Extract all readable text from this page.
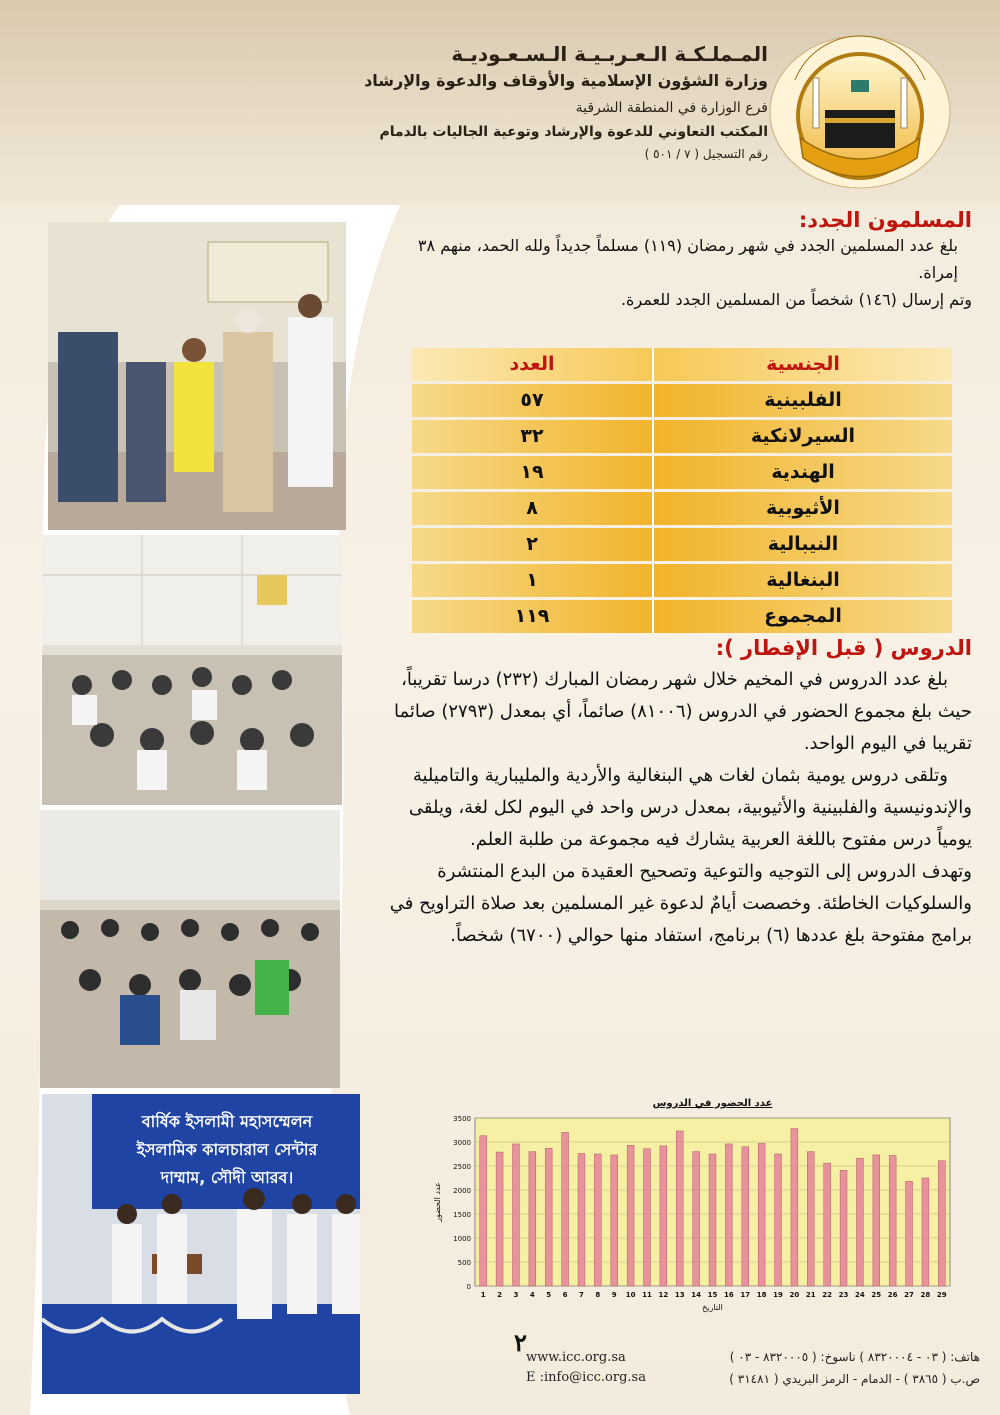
المـملـكـة الـعـربـيـة الـسـعـوديـة
وزارة الشؤون الإسلامية والأوقاف والدعوة والإرشاد
فرع الوزارة في المنطقة الشرقية
المكتب التعاوني للدعوة والإرشاد وتوعية الجاليات بالدمام
رقم التسجيل ( ٧ / ٥٠١ )
বার্ষিক ইসলামী মহাসম্মেলন
ইসলামিক কালচারাল সেন্টার
দাম্মাম, সৌদী আরব।
المسلمون الجدد:
بلغ عدد المسلمين الجدد في شهر رمضان (١١٩) مسلماً جديداً ولله الحمد، منهم ٣٨ إمراة.
وتم إرسال (١٤٦) شخصاً من المسلمين الجدد للعمرة.
الجنسية
العدد
الفلبينية
٥٧
السيرلانكية
٣٢
الهندية
١٩
الأثيوبية
٨
النيبالية
٢
البنغالية
١
المجموع
١١٩
الدروس ( قبل الإفطار ):
بلغ عدد الدروس في المخيم خلال شهر رمضان المبارك (٢٣٢) درسا تقريباً، حيث بلغ مجموع الحضور في الدروس (٨١٠٠٦) صائماً، أي بمعدل (٢٧٩٣) صائما تقريبا في اليوم الواحد.
وتلقى دروس يومية بثمان لغات هي البنغالية والأردية والمليبارية والتاميلية والإندونيسية والفلبينية والأثيوبية، بمعدل درس واحد في اليوم لكل لغة، ويلقى يومياً درس مفتوح باللغة العربية يشارك فيه مجموعة من طلبة العلم.
وتهدف الدروس إلى التوجيه والتوعية وتصحيح العقيدة من البدع المنتشرة والسلوكيات الخاطئة. وخصصت أيامٌ لدعوة غير المسلمين بعد صلاة التراويح في برامج مفتوحة بلغ عددها (٦) برنامج، استفاد منها حوالي (٦٧٠٠) شخصاً.
عدد الحضور في الدروس
0
500
1000
1500
2000
2500
3000
3500
1 2 3 4 5 6 7 8 9 10 11 12 13 14 15 16 17 18 19 20 21 22 23 24 25 26 27 28 29
التاريخ
عدد الحضور
٢
www.icc.org.sa
E :info@icc.org.sa
هاتف: ( ٠٣ - ٨٣٢٠٠٠٤ ) ناسوخ: ( ٨٣٢٠٠٠٥ - ٠٣ )
ص.ب ( ٣٨٦٥ ) - الدمام - الرمز البريدي ( ٣١٤٨١ )
